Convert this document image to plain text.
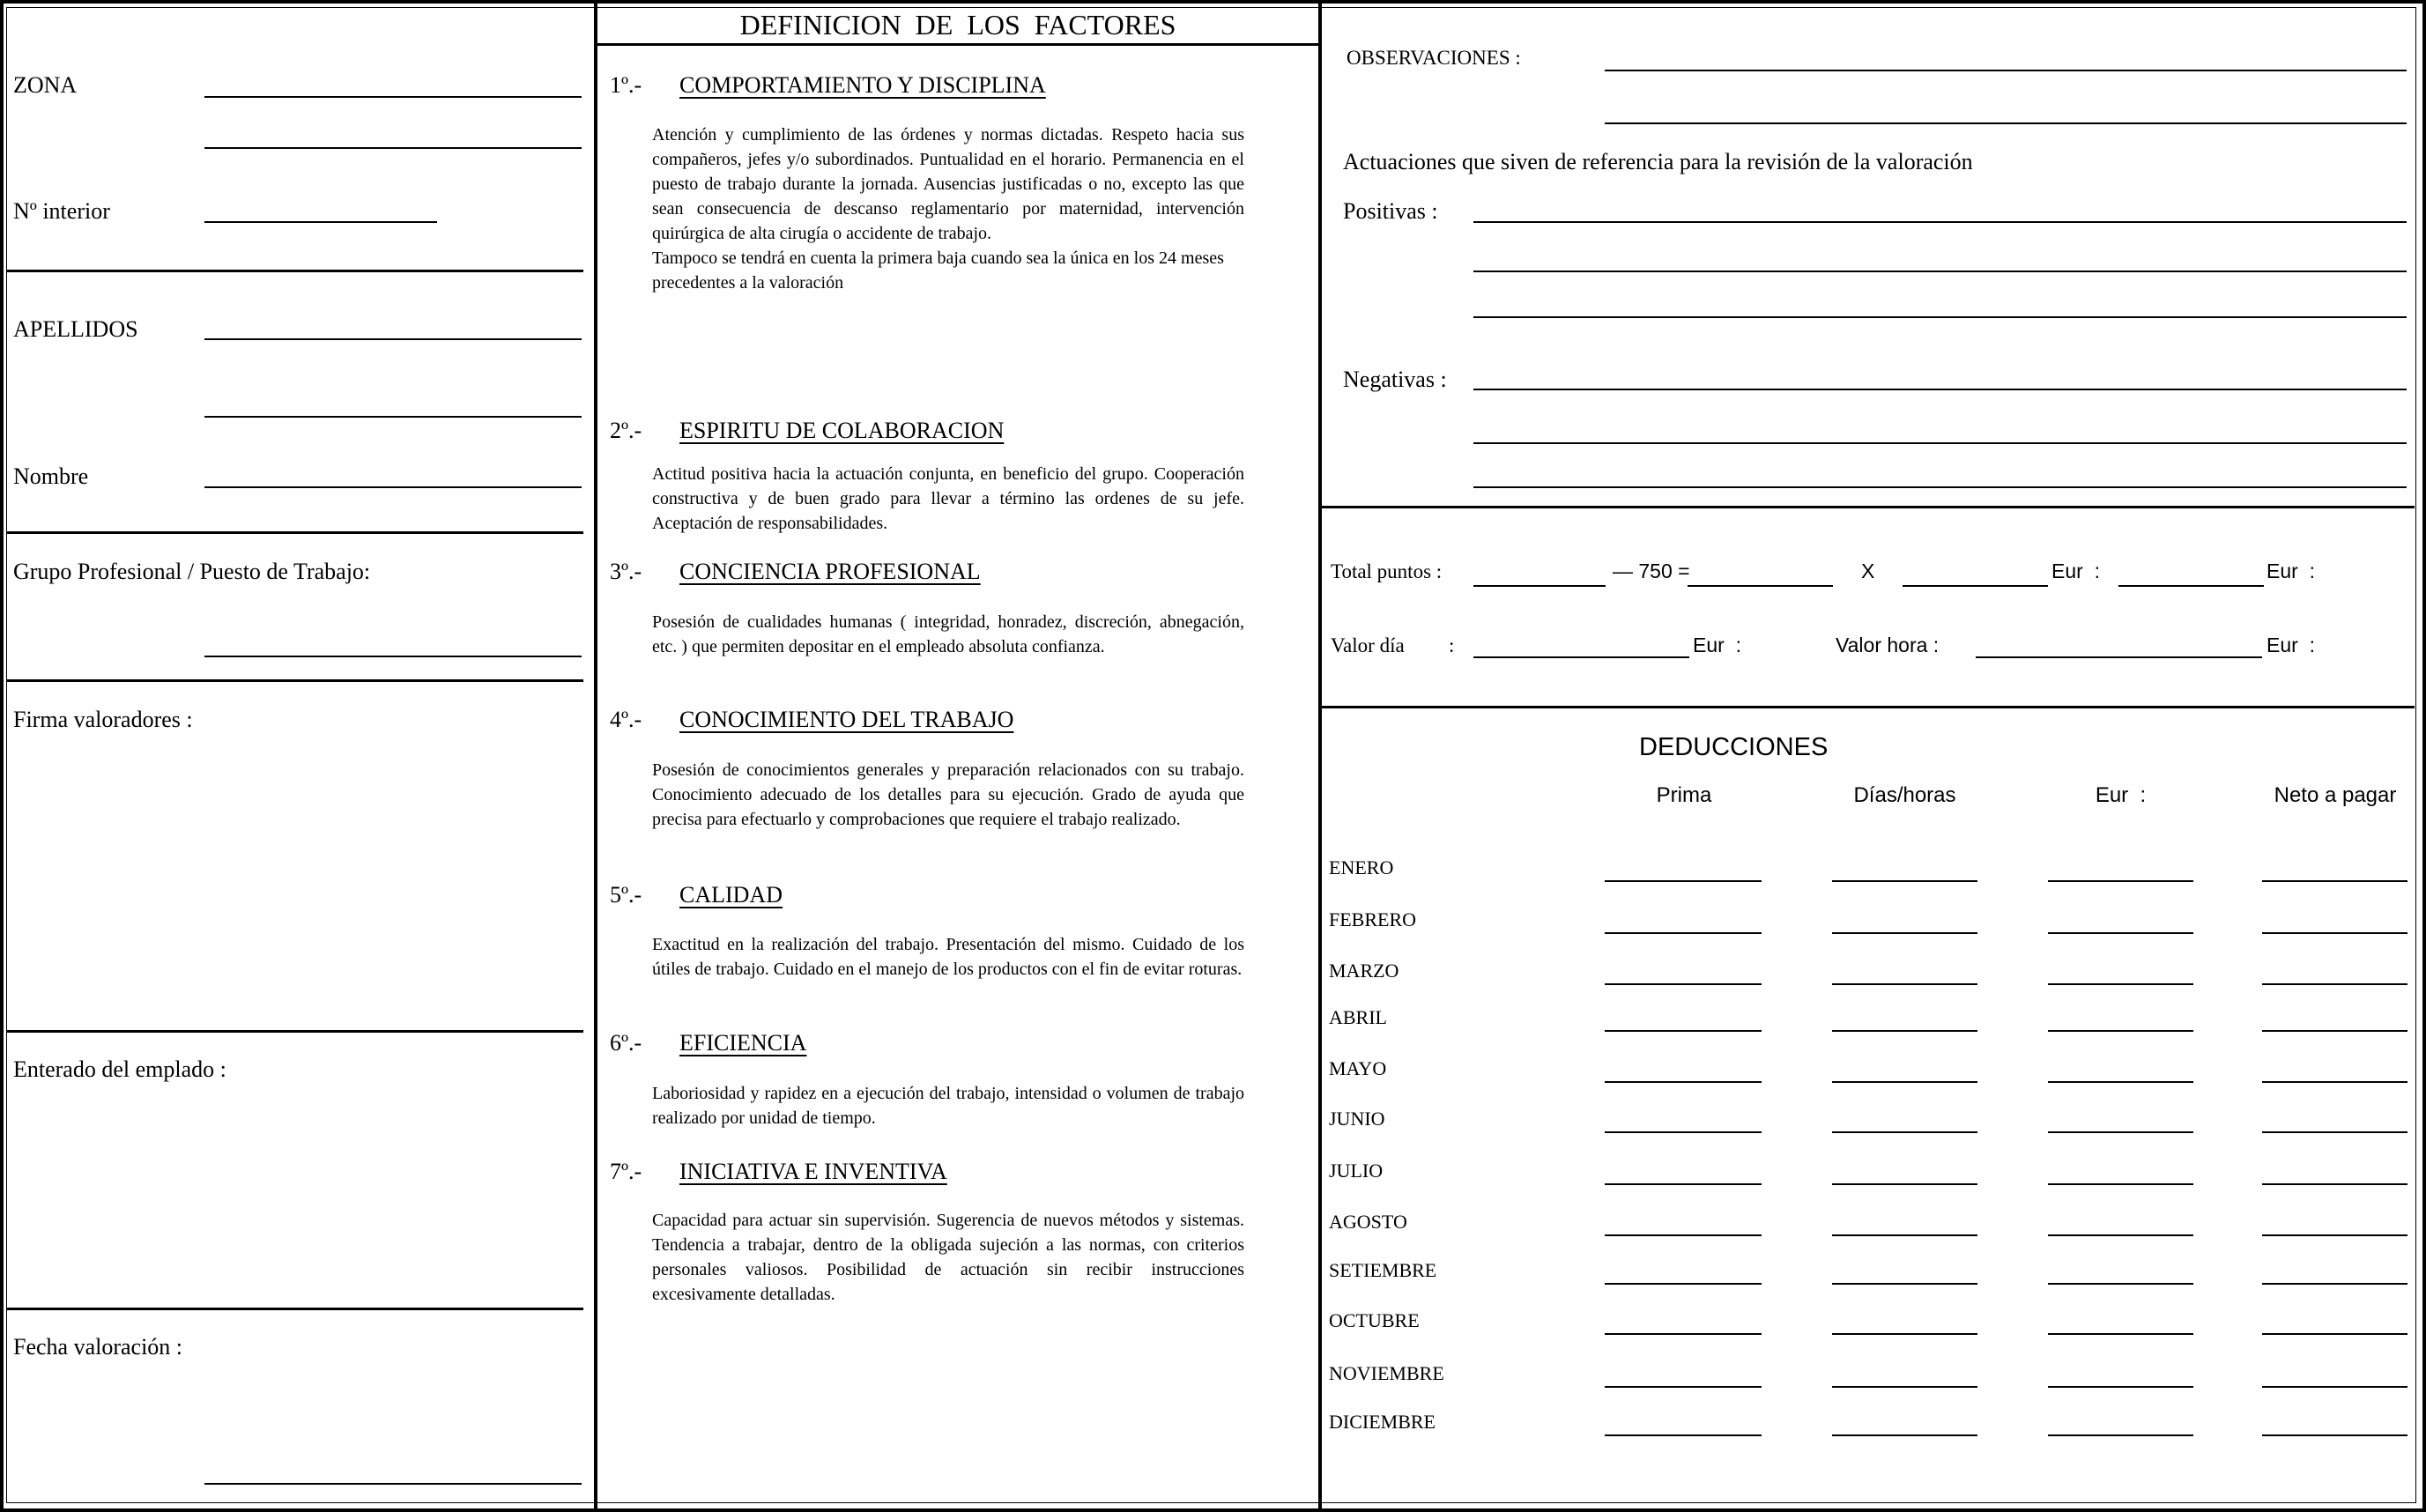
ZONA
Nº interior
APELLIDOS
Nombre
Grupo Profesional / Puesto de Trabajo:
Firma valoradores :
Enterado del emplado :
Fecha valoración :
DEFINICION  DE  LOS  FACTORES
1º.- COMPORTAMIENTO Y DISCIPLINA
Atención y cumplimiento de las órdenes y normas dictadas. Respeto hacia sus compañeros, jefes y/o subordinados. Puntualidad en el horario. Permanencia en el puesto de trabajo durante la jornada. Ausencias justificadas o no, excepto las que sean consecuencia de descanso reglamentario por maternidad, intervención quirúrgica de alta cirugía o accidente de trabajo.
Tampoco se tendrá en cuenta la primera baja cuando sea la única en los 24 meses precedentes a la valoración
2º.- ESPIRITU DE COLABORACION
Actitud positiva hacia la actuación conjunta, en beneficio del grupo. Cooperación constructiva y de buen grado para llevar a término las ordenes de su jefe. Aceptación de responsabilidades.
3º.- CONCIENCIA PROFESIONAL
Posesión de cualidades humanas ( integridad, honradez, discreción, abnegación, etc. ) que permiten depositar en el empleado absoluta confianza.
4º.- CONOCIMIENTO DEL TRABAJO
Posesión de conocimientos generales y preparación relacionados con su trabajo. Conocimiento adecuado de los detalles para su ejecución. Grado de ayuda que precisa para efectuarlo y comprobaciones que requiere el trabajo realizado.
5º.- CALIDAD
Exactitud en la realización del trabajo. Presentación del mismo. Cuidado de los útiles de trabajo. Cuidado en el manejo de los productos con el fin de evitar roturas.
6º.- EFICIENCIA
Laboriosidad y rapidez en a ejecución del trabajo, intensidad o volumen de trabajo realizado por unidad de tiempo.
7º.- INICIATIVA E INVENTIVA
Capacidad para actuar sin supervisión. Sugerencia de nuevos métodos y sistemas. Tendencia a trabajar, dentro de la obligada sujeción a las normas, con criterios personales valiosos. Posibilidad de actuación sin recibir instrucciones excesivamente detalladas.
OBSERVACIONES :
Actuaciones que siven de referencia para la revisión de la valoración
Positivas :
Negativas :
Total puntos :	— 750 =	X	Eur  :	Eur  :
Valor día :	Eur  :	Valor hora :	Eur  :
DEDUCCIONES
Prima	Días/horas	Eur  :	Neto a pagar
ENERO
FEBRERO
MARZO
ABRIL
MAYO
JUNIO
JULIO
AGOSTO
SETIEMBRE
OCTUBRE
NOVIEMBRE
DICIEMBRE
